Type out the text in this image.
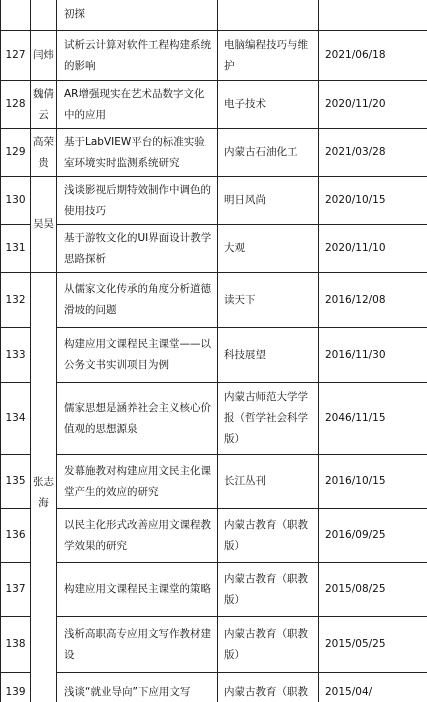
		初探		
127	闫炜	试析云计算对软件工程构建系统的影响	电脑编程技巧与维护	2021/06/18
128	魏倩云	AR增强现实在艺术品数字文化中的应用	电子技术	2020/11/20
129	高荣贵	基于LabVIEW平台的标准实验室环境实时监测系统研究	内蒙古石油化工	2021/03/28
130	吴昊	浅谈影视后期特效制作中调色的使用技巧	明日风尚	2020/10/15
131		基于游牧文化的UI界面设计教学思路探析	大观	2020/11/10
132	张志海	从儒家文化传承的角度分析道德滑坡的问题	读天下	2016/12/08
133		构建应用文课程民主课堂——以公务文书实训项目为例	科技展望	2016/11/30
134		儒家思想是涵养社会主义核心价值观的思想源泉	内蒙古师范大学学报（哲学社会科学版）	2046/11/15
135		发幕施教对构建应用文民主化课堂产生的效应的研究	长江丛刊	2016/10/15
136		以民主化形式改善应用文课程教学效果的研究	内蒙古教育（职教版）	2016/09/25
137		构建应用文课程民主课堂的策略	内蒙古教育（职教版）	2015/08/25
138		浅析高职高专应用文写作教材建设	内蒙古教育（职教版）	2015/05/25
139		浅谈“就业导向”下应用文写	内蒙古教育（职教	2015/04/
